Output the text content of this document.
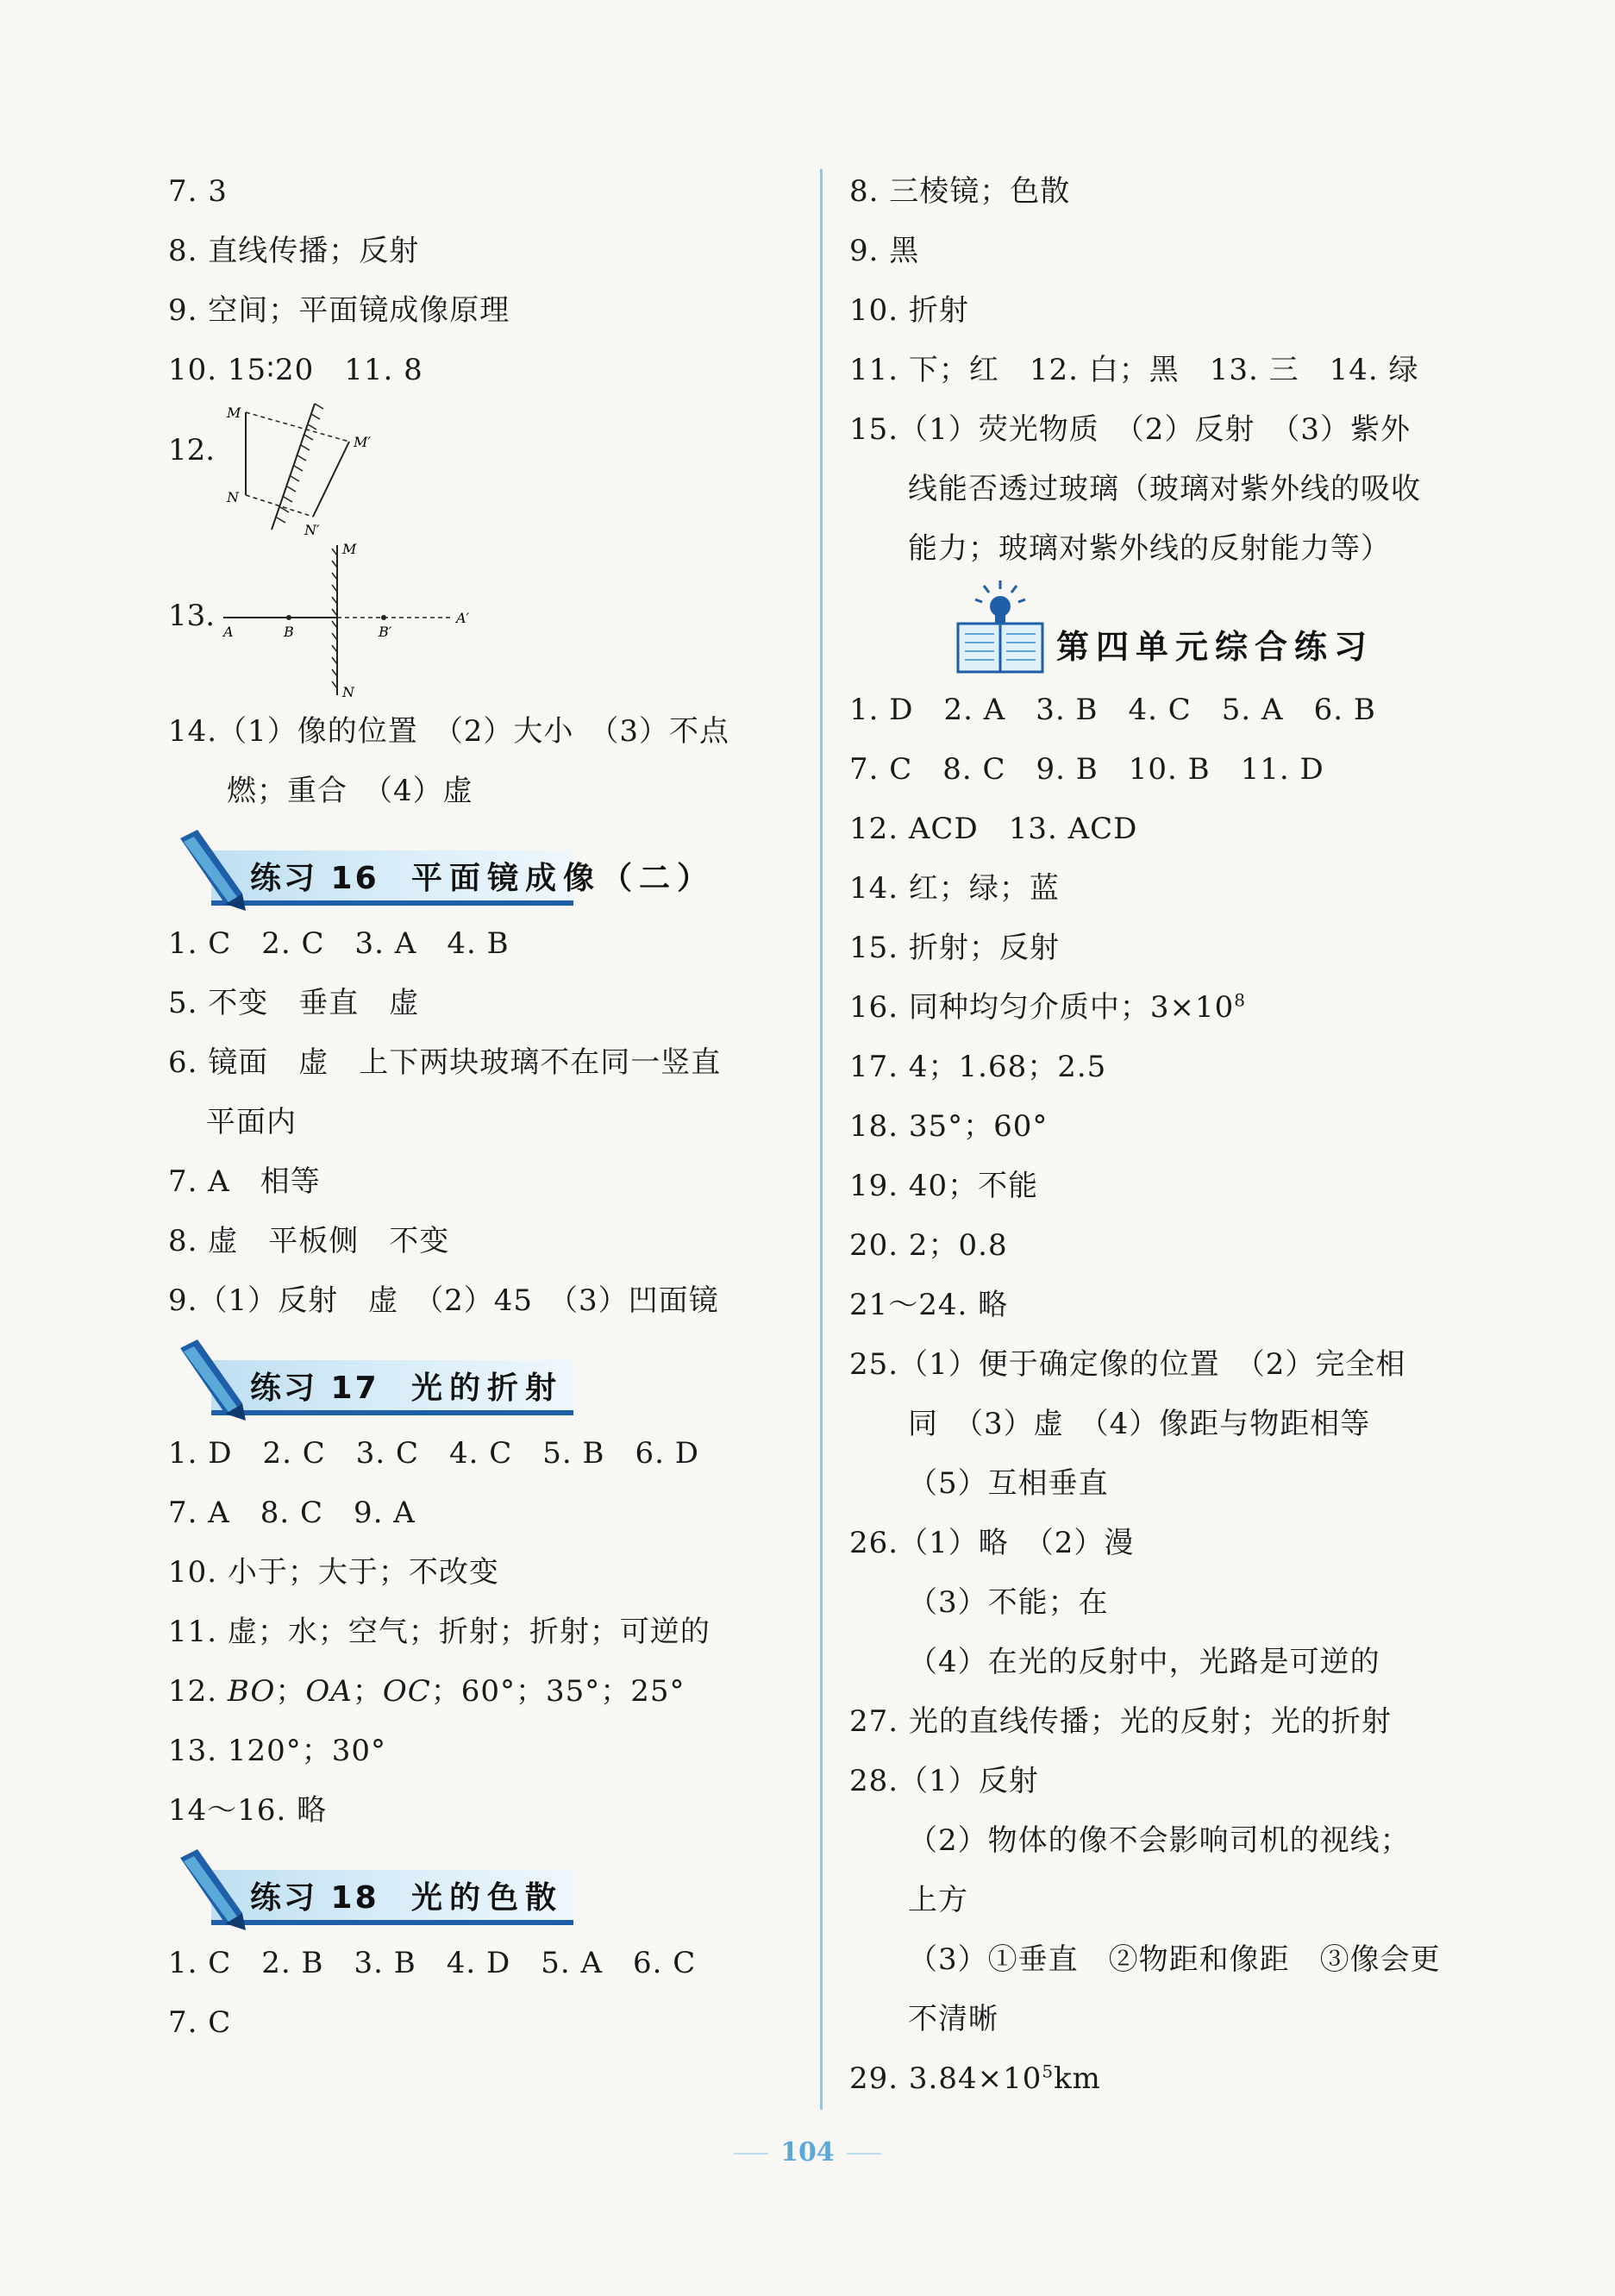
7. 3
8. 直线传播；反射
9. 空间；平面镜成像原理
10. 15∶20　11. 8
12.
M
M′
N
N′
13.
M
N
A	B	B′
A′
14.（1）像的位置　（2）大小　（3）不点
燃；重合　（4）虚
练习 16 平面镜成像（二）
1. C　2. C　3. A　4. B
5. 不变　垂直　虚
6. 镜面　虚　上下两块玻璃不在同一竖直
平面内
7. A　相等
8. 虚　平板侧　不变
9.（1）反射　虚　（2）45　（3）凹面镜
练习 17 光的折射
1. D　2. C　3. C　4. C　5. B　6. D
7. A　8. C　9. A
10. 小于；大于；不改变
11. 虚；水；空气；折射；折射；可逆的
12. BO；OA；OC；60°；35°；25°
13. 120°；30°
14～16. 略
练习 18 光的色散
1. C　2. B　3. B　4. D　5. A　6. C
7. C
8. 三棱镜；色散
9. 黑
10. 折射
11. 下；红　12. 白；黑　13. 三　14. 绿
15.（1）荧光物质　（2）反射　（3）紫外
线能否透过玻璃（玻璃对紫外线的吸收
能力；玻璃对紫外线的反射能力等）
第四单元综合练习
1. D　2. A　3. B　4. C　5. A　6. B
7. C　8. C　9. B　10. B　11. D
12. ACD　13. ACD
14. 红；绿；蓝
15. 折射；反射
16. 同种均匀介质中；$3\times 10^8$
17. 4；1.68；2.5
18. 35°；60°
19. 40；不能
20. 2；0.8
21～24. 略
25.（1）便于确定像的位置　（2）完全相
同　（3）虚　（4）像距与物距相等
（5）互相垂直
26.（1）略　（2）漫
（3）不能；在
（4）在光的反射中，光路是可逆的
27. 光的直线传播；光的反射；光的折射
28.（1）反射
（2）物体的像不会影响司机的视线；
上方
（3）①垂直　②物距和像距　③像会更
不清晰
29. $3.84\times 10^5km$
104
